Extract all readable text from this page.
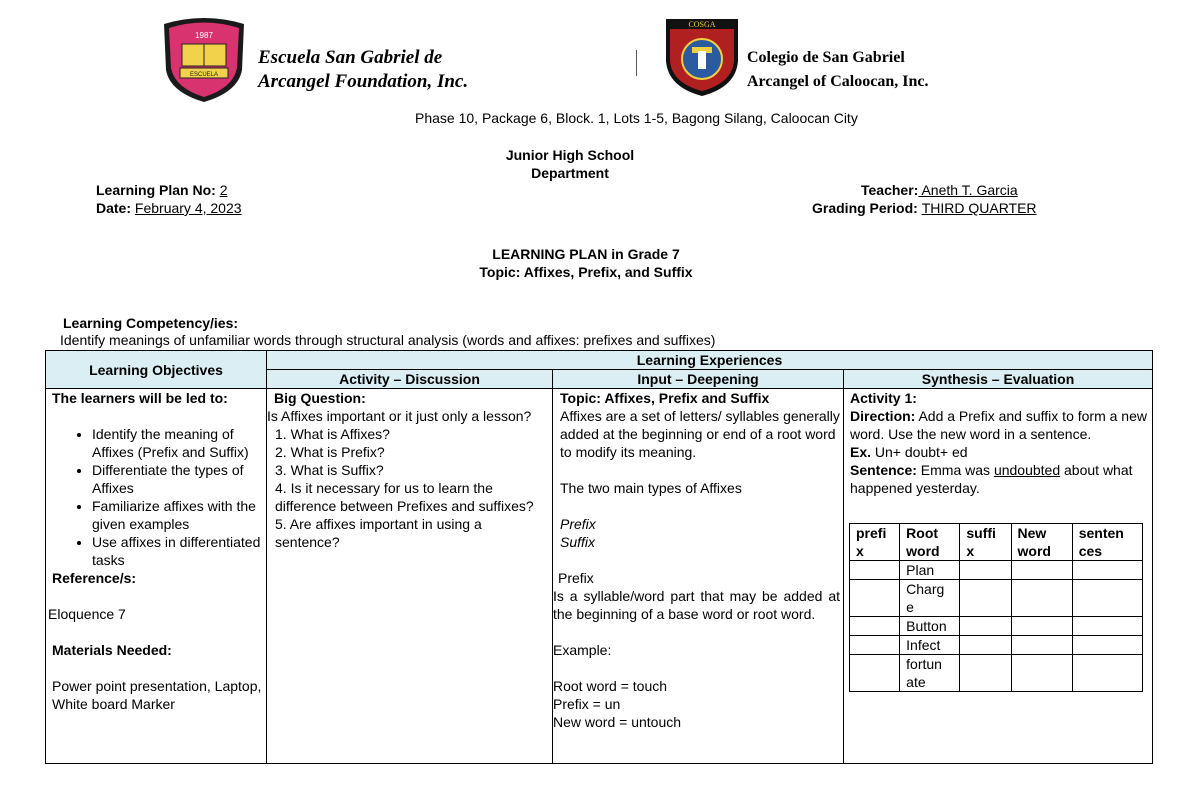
1987
ESCUELA
Escuela San Gabriel de
Arcangel Foundation, Inc.
COSGA
Colegio de San Gabriel
Arcangel of Caloocan, Inc.
Phase 10, Package 6, Block. 1, Lots 1-5, Bagong Silang, Caloocan City
Junior High School
Department
Learning Plan No: 2
Date: February 4, 2023
Teacher: Aneth T. Garcia
Grading Period: THIRD QUARTER
LEARNING PLAN in Grade 7
Topic: Affixes, Prefix, and Suffix
Learning Competency/ies:
Identify meanings of unfamiliar words through structural analysis (words and affixes: prefixes and suffixes)
Learning Objectives	Learning Experiences
Activity – Discussion	Input – Deepening	Synthesis – Evaluation

The learners will be led to:
• Identify the meaning of Affixes (Prefix and Suffix)
• Differentiate the types of Affixes
• Familiarize affixes with the given examples
• Use affixes in differentiated tasks
Reference/s:
Eloquence 7
Materials Needed:
Power point presentation, Laptop, White board Marker

Big Question:
Is Affixes important or it just only a lesson?
1. What is Affixes?
2. What is Prefix?
3. What is Suffix?
4. Is it necessary for us to learn the difference between Prefixes and suffixes?
5. Are affixes important in using a sentence?

Topic: Affixes, Prefix and Suffix
Affixes are a set of letters/ syllables generally added at the beginning or end of a root word to modify its meaning.
The two main types of Affixes
Prefix
Suffix
Prefix
Is a syllable/word part that may be added at the beginning of a base word or root word.
Example:
Root word = touch
Prefix = un
New word = untouch

Activity 1:
Direction: Add a Prefix and suffix to form a new word. Use the new word in a sentence.
Ex. Un+ doubt+ ed
Sentence: Emma was undoubted about what happened yesterday.
prefi x	Root word	suffi x	New word	senten ces
	Plan			
	Charg e			
	Button			
	Infect			
	fortun ate			
